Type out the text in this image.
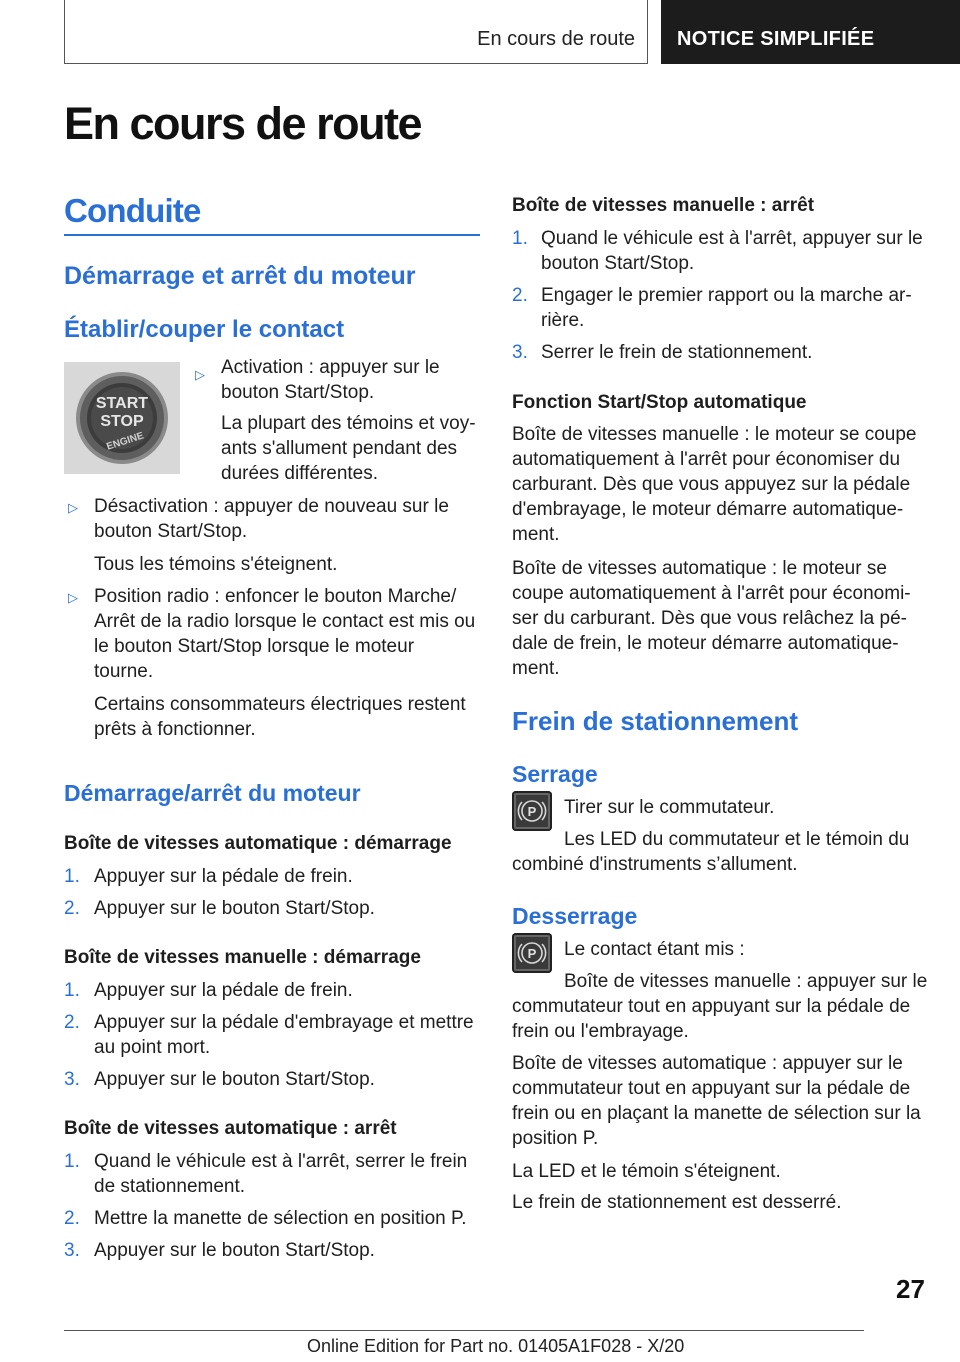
En cours de route	NOTICE SIMPLIFIÉE
En cours de route
Conduite
Démarrage et arrêt du moteur
Établir/couper le contact
START
STOP
ENGINE
▷ Activation : appuyer sur le
bouton Start/Stop.
La plupart des témoins et voy-
ants s'allument pendant des
durées différentes.
▷ Désactivation : appuyer de nouveau sur le
bouton Start/Stop.
Tous les témoins s'éteignent.
▷ Position radio : enfoncer le bouton Marche/
Arrêt de la radio lorsque le contact est mis ou
le bouton Start/Stop lorsque le moteur
tourne.
Certains consommateurs électriques restent
prêts à fonctionner.
Démarrage/arrêt du moteur
Boîte de vitesses automatique : démarrage
1. Appuyer sur la pédale de frein.
2. Appuyer sur le bouton Start/Stop.
Boîte de vitesses manuelle : démarrage
1. Appuyer sur la pédale de frein.
2. Appuyer sur la pédale d'embrayage et mettre
au point mort.
3. Appuyer sur le bouton Start/Stop.
Boîte de vitesses automatique : arrêt
1. Quand le véhicule est à l'arrêt, serrer le frein
de stationnement.
2. Mettre la manette de sélection en position P.
3. Appuyer sur le bouton Start/Stop.
Boîte de vitesses manuelle : arrêt
1. Quand le véhicule est à l'arrêt, appuyer sur le
bouton Start/Stop.
2. Engager le premier rapport ou la marche ar-
rière.
3. Serrer le frein de stationnement.
Fonction Start/Stop automatique
Boîte de vitesses manuelle : le moteur se coupe
automatiquement à l'arrêt pour économiser du
carburant. Dès que vous appuyez sur la pédale
d'embrayage, le moteur démarre automatique-
ment.
Boîte de vitesses automatique : le moteur se
coupe automatiquement à l'arrêt pour économi-
ser du carburant. Dès que vous relâchez la pé-
dale de frein, le moteur démarre automatique-
ment.
Frein de stationnement
Serrage
P Tirer sur le commutateur.
Les LED du commutateur et le témoin du
combiné d'instruments s’allument.
Desserrage
P Le contact étant mis :
Boîte de vitesses manuelle : appuyer sur le
commutateur tout en appuyant sur la pédale de
frein ou l'embrayage.
Boîte de vitesses automatique : appuyer sur le
commutateur tout en appuyant sur la pédale de
frein ou en plaçant la manette de sélection sur la
position P.
La LED et le témoin s'éteignent.
Le frein de stationnement est desserré.
27
Online Edition for Part no. 01405A1F028 - X/20
